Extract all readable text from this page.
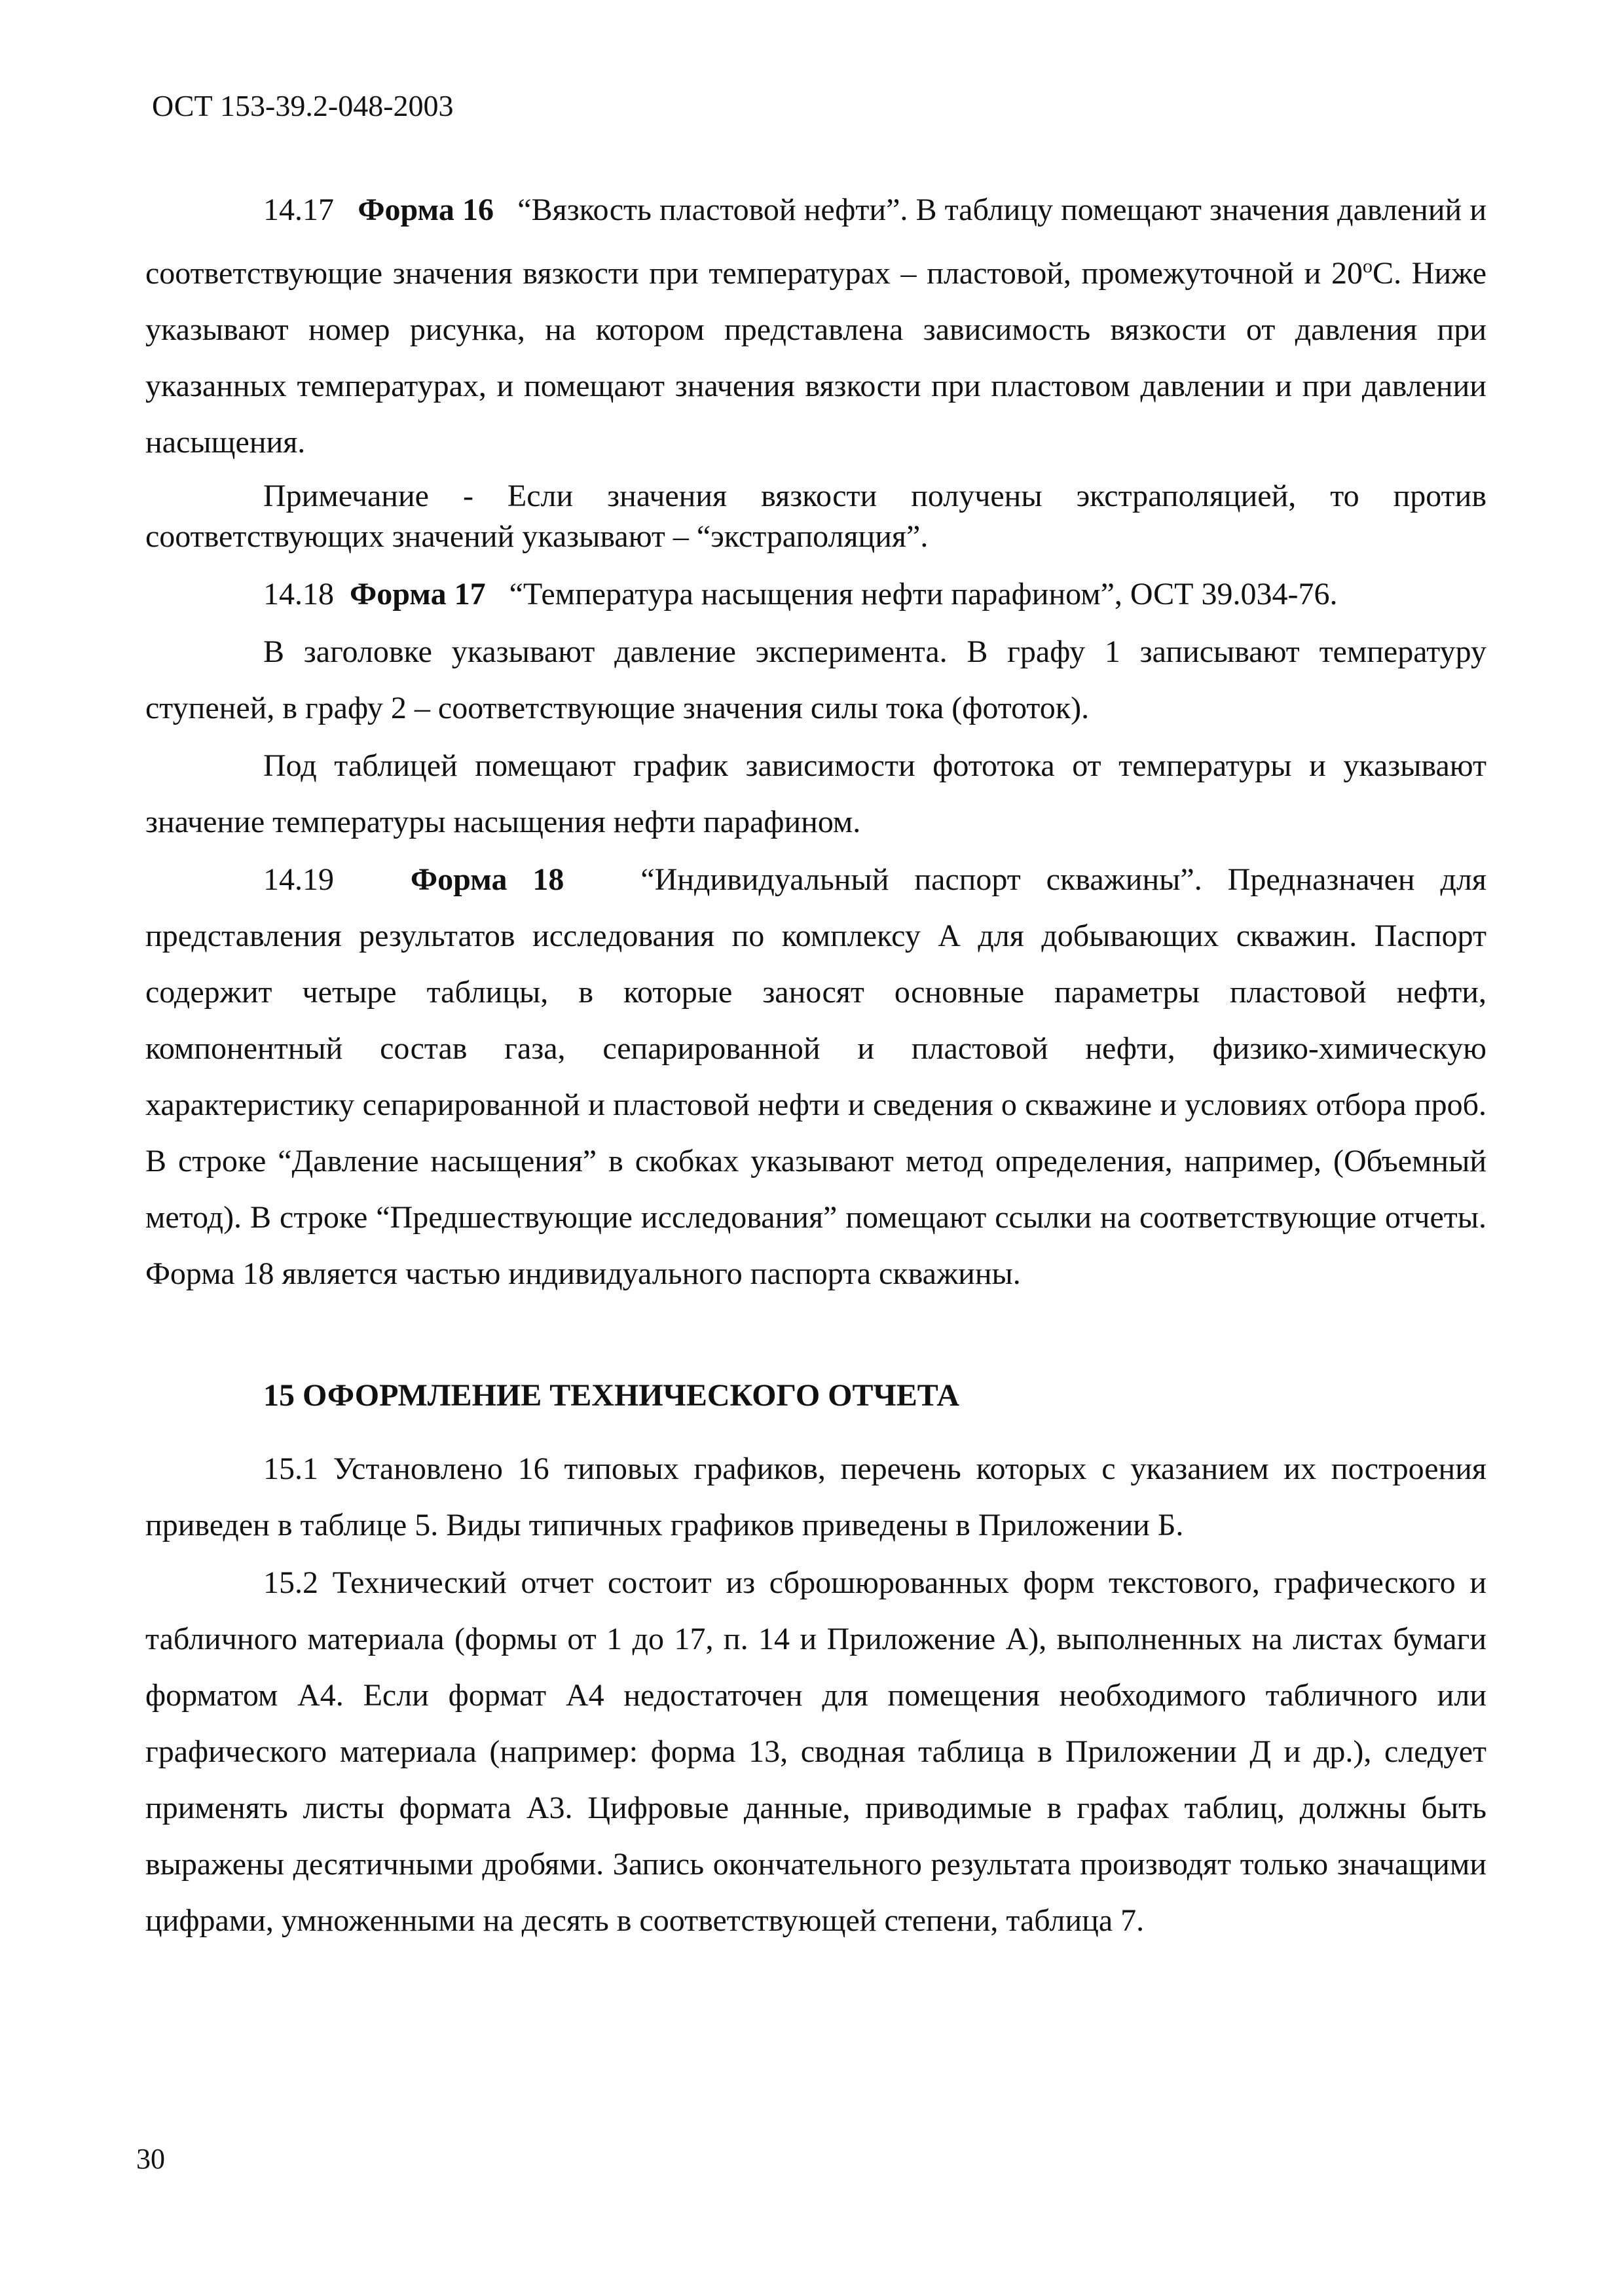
ОСТ 153-39.2-048-2003

14.17 Форма 16 “Вязкость пластовой нефти”. В таблицу помещают значения давлений и соответствующие значения вязкости при температурах – пластовой, промежуточной и $20^оС$. Ниже указывают номер рисунка, на котором представлена зависимость вязкости от давления при указанных температурах, и помещают значения вязкости при пластовом давлении и при давлении насыщения.

Примечание - Если значения вязкости получены экстраполяцией, то против соответствующих значений указывают – “экстраполяция”.

14.18 Форма 17 “Температура насыщения нефти парафином”, ОСТ 39.034-76.

В заголовке указывают давление эксперимента. В графу 1 записывают температуру ступеней, в графу 2 – соответствующие значения силы тока (фототок).

Под таблицей помещают график зависимости фототока от температуры и указывают значение температуры насыщения нефти парафином.

14.19 Форма 18 “Индивидуальный паспорт скважины”. Предназначен для представления результатов исследования по комплексу А для добывающих скважин. Паспорт содержит четыре таблицы, в которые заносят основные параметры пластовой нефти, компонентный состав газа, сепарированной и пластовой нефти, физико-химическую характеристику сепарированной и пластовой нефти и сведения о скважине и условиях отбора проб. В строке “Давление насыщения” в скобках указывают метод определения, например, (Объемный метод). В строке “Предшествующие исследования” помещают ссылки на соответствующие отчеты. Форма 18 является частью индивидуального паспорта скважины.

15 ОФОРМЛЕНИЕ ТЕХНИЧЕСКОГО ОТЧЕТА

15.1 Установлено 16 типовых графиков, перечень которых с указанием их построения приведен в таблице 5. Виды типичных графиков приведены в Приложении Б.

15.2 Технический отчет состоит из сброшюрованных форм текстового, графического и табличного материала (формы от 1 до 17, п. 14 и Приложение А), выполненных на листах бумаги форматом А4. Если формат А4 недостаточен для помещения необходимого табличного или графического материала (например: форма 13, сводная таблица в Приложении Д и др.), следует применять листы формата А3. Цифровые данные, приводимые в графах таблиц, должны быть выражены десятичными дробями. Запись окончательного результата производят только значащими цифрами, умноженными на десять в соответствующей степени, таблица 7.

30
